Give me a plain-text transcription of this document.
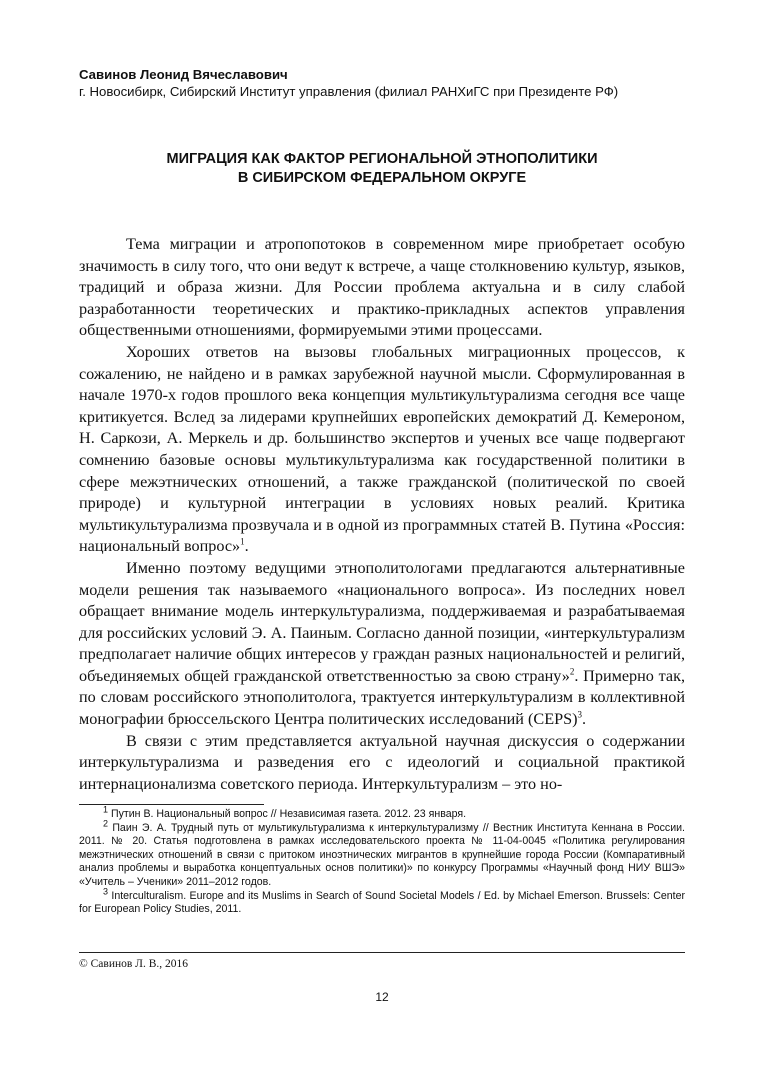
Савинов Леонид Вячеславович
г. Новосибирк, Сибирский Институт управления (филиал РАНХиГС при Президенте РФ)
МИГРАЦИЯ КАК ФАКТОР РЕГИОНАЛЬНОЙ ЭТНОПОЛИТИКИ
В СИБИРСКОМ ФЕДЕРАЛЬНОМ ОКРУГЕ

Тема миграции и атропопотоков в современном мире приобретает особую значимость в силу того, что они ведут к встрече, а чаще столкновению культур, языков, традиций и образа жизни. Для России проблема актуальна и в силу слабой разработанности теоретических и практико-прикладных аспектов управления общественными отношениями, формируемыми этими процессами.

Хороших ответов на вызовы глобальных миграционных процессов, к сожалению, не найдено и в рамках зарубежной научной мысли. Сформулированная в начале 1970-х годов прошлого века концепция мультикультурализма сегодня все чаще критикуется. Вслед за лидерами крупнейших европейских демократий Д. Кемероном, Н. Саркози, А. Меркель и др. большинство экспертов и ученых все чаще подвергают сомнению базовые основы мультикультурализма как государственной политики в сфере межэтнических отношений, а также гражданской (политической по своей природе) и культурной интеграции в условиях новых реалий. Критика мультикультурализма прозвучала и в одной из программных статей В. Путина «Россия: национальный вопрос»$^1$.

Именно поэтому ведущими этнополитологами предлагаются альтернативные модели решения так называемого «национального вопроса». Из последних новел обращает внимание модель интеркультурализма, поддерживаемая и разрабатываемая для российских условий Э. А. Паиным. Согласно данной позиции, «интеркультурализм предполагает наличие общих интересов у граждан разных национальностей и религий, объединяемых общей гражданской ответственностью за свою страну»$^2$. Примерно так, по словам российского этнополитолога, трактуется интеркультурализм в коллективной монографии брюссельского Центра политических исследований (CEPS)$^3$.

В связи с этим представляется актуальной научная дискуссия о содержании интеркультурализма и разведения его с идеологий и социальной практикой интернационализма советского периода. Интеркультурализм – это но-

$^1$ Путин В. Национальный вопрос // Независимая газета. 2012. 23 января.

$^2$ Паин Э. А. Трудный путь от мультикультурализма к интеркультурализму // Вестник Института Кеннана в России. 2011. № 20. Статья подготовлена в рамках исследовательского проекта № 11-04-0045 «Политика регулирования межэтнических отношений в связи с притоком иноэтнических мигрантов в крупнейшие города России (Компаративный анализ проблемы и выработка концептуальных основ политики)» по конкурсу Программы «Научный фонд НИУ ВШЭ» «Учитель – Ученики» 2011–2012 годов.

$^3$ Interculturalism. Europe and its Muslims in Search of Sound Societal Models / Ed. by Michael Emerson. Brussels: Center for European Policy Studies, 2011.

© Савинов Л. В., 2016
12
